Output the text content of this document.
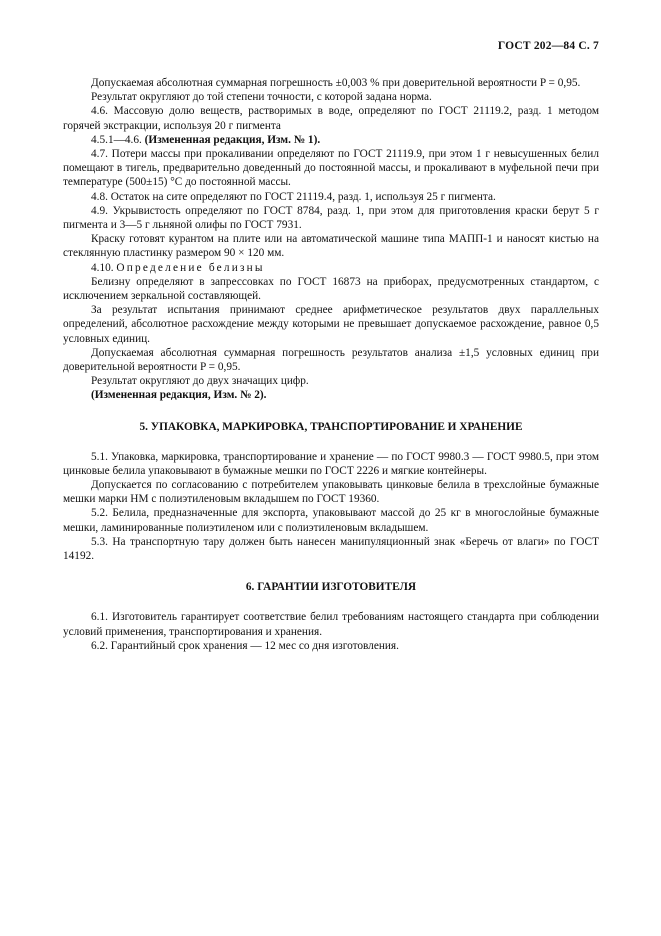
ГОСТ 202—84 С. 7

Допускаемая абсолютная суммарная погрешность ±0,003 % при доверительной вероятности P = 0,95.

Результат округляют до той степени точности, с которой задана норма.

4.6. Массовую долю веществ, растворимых в воде, определяют по ГОСТ 21119.2, разд. 1 методом горячей экстракции, используя 20 г пигмента

4.5.1—4.6. (Измененная редакция, Изм. № 1).

4.7. Потери массы при прокаливании определяют по ГОСТ 21119.9, при этом 1 г невысушенных белил помещают в тигель, предварительно доведенный до постоянной массы, и прокаливают в муфельной печи при температуре (500±15) °С до постоянной массы.

4.8. Остаток на сите определяют по ГОСТ 21119.4, разд. 1, используя 25 г пигмента.

4.9. Укрывистость определяют по ГОСТ 8784, разд. 1, при этом для приготовления краски берут 5 г пигмента и 3—5 г льняной олифы по ГОСТ 7931.

Краску готовят курантом на плите или на автоматической машине типа МАПП-1 и наносят кистью на стеклянную пластинку размером 90 × 120 мм.

4.10. Определение белизны

Белизну определяют в запрессовках по ГОСТ 16873 на приборах, предусмотренных стандартом, с исключением зеркальной составляющей.

За результат испытания принимают среднее арифметическое результатов двух параллельных определений, абсолютное расхождение между которыми не превышает допускаемое расхождение, равное 0,5 условных единиц.

Допускаемая абсолютная суммарная погрешность результатов анализа ±1,5 условных единиц при доверительной вероятности P = 0,95.

Результат округляют до двух значащих цифр.

(Измененная редакция, Изм. № 2).

5. УПАКОВКА, МАРКИРОВКА, ТРАНСПОРТИРОВАНИЕ И ХРАНЕНИЕ

5.1. Упаковка, маркировка, транспортирование и хранение — по ГОСТ 9980.3 — ГОСТ 9980.5, при этом цинковые белила упаковывают в бумажные мешки по ГОСТ 2226 и мягкие контейнеры.

Допускается по согласованию с потребителем упаковывать цинковые белила в трехслойные бумажные мешки марки НМ с полиэтиленовым вкладышем по ГОСТ 19360.

5.2. Белила, предназначенные для экспорта, упаковывают массой до 25 кг в многослойные бумажные мешки, ламинированные полиэтиленом или с полиэтиленовым вкладышем.

5.3. На транспортную тару должен быть нанесен манипуляционный знак «Беречь от влаги» по ГОСТ 14192.

6. ГАРАНТИИ ИЗГОТОВИТЕЛЯ

6.1. Изготовитель гарантирует соответствие белил требованиям настоящего стандарта при соблюдении условий применения, транспортирования и хранения.

6.2. Гарантийный срок хранения — 12 мес со дня изготовления.
